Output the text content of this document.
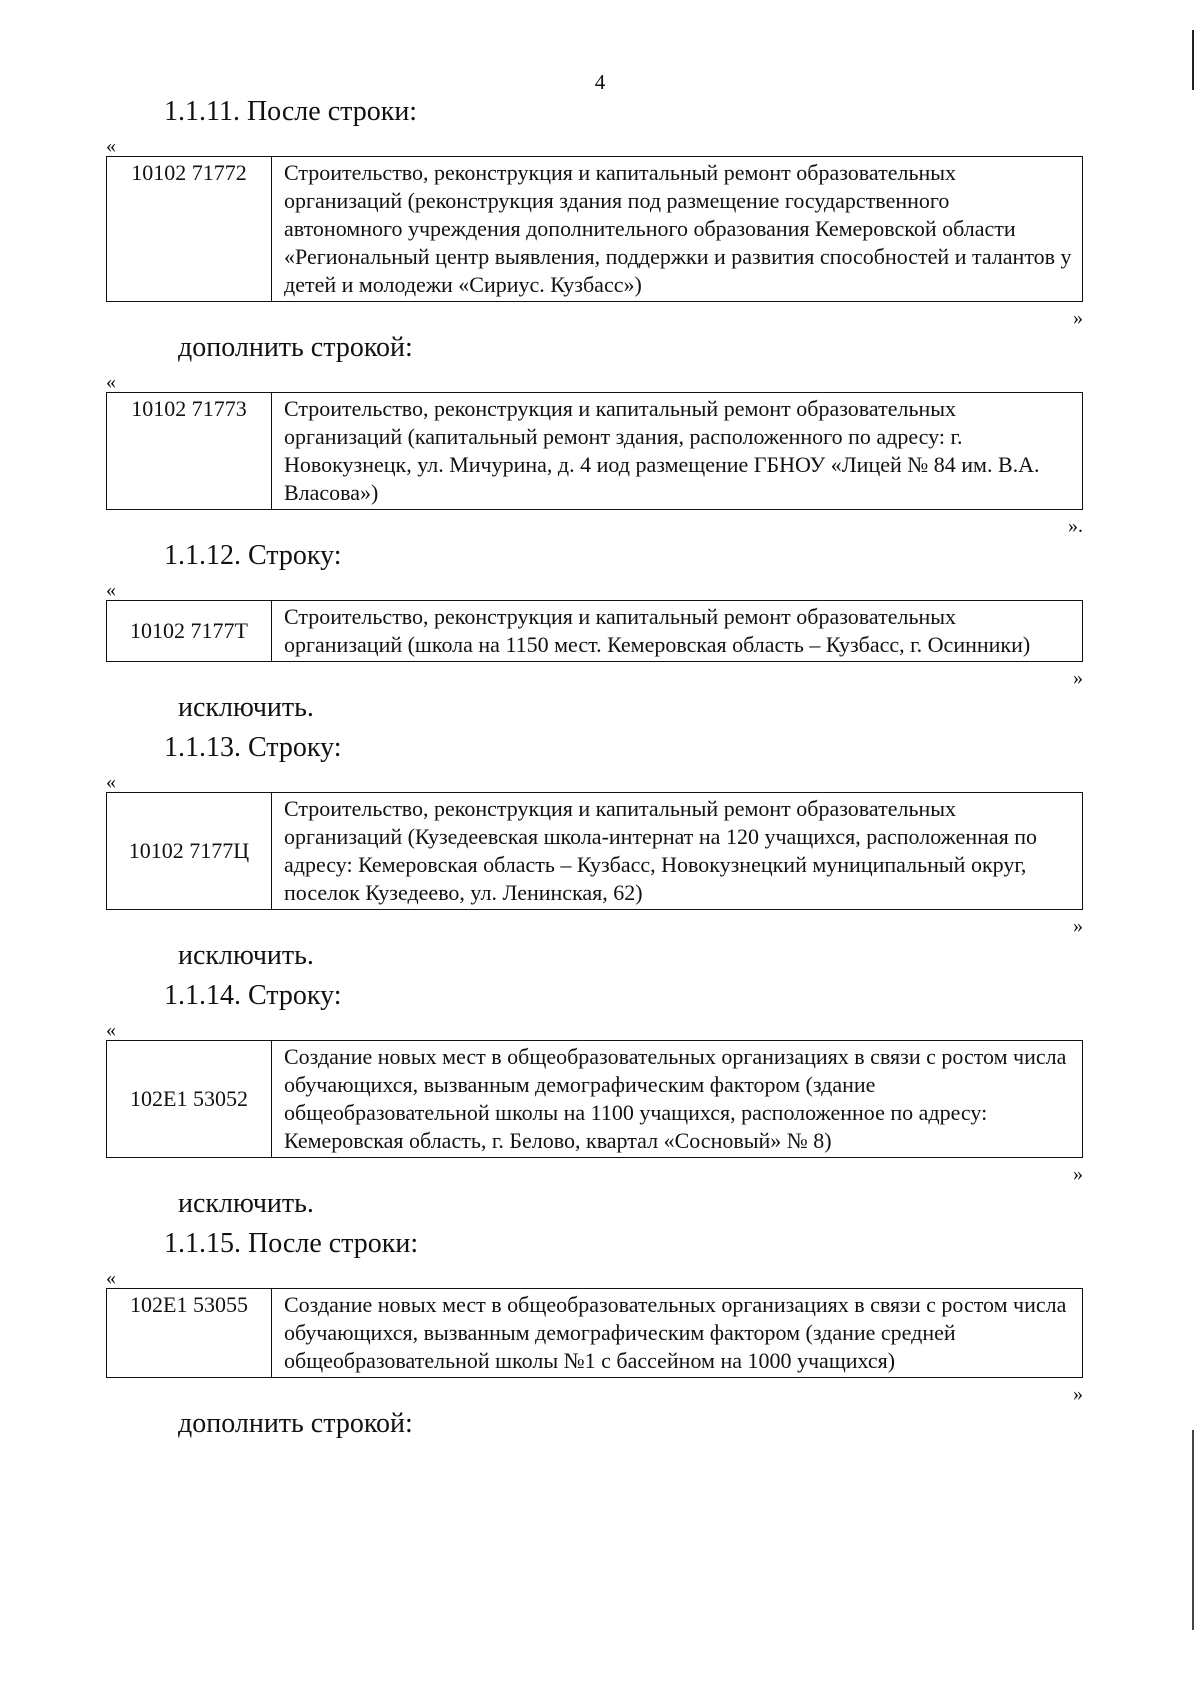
4
1.1.11. После строки:
«
10102 71772	Строительство, реконструкция и капитальный ремонт образовательных организаций (реконструкция здания под размещение государственного автономного учреждения дополнительного образования Кемеровской области «Региональный центр выявления, поддержки и развития способностей и талантов у детей и молодежи «Сириус. Кузбасс»)
»
дополнить строкой:
«
10102 71773	Строительство, реконструкция и капитальный ремонт образовательных организаций (капитальный ремонт здания, расположенного по адресу: г. Новокузнецк, ул. Мичурина, д. 4 иод размещение ГБНОУ «Лицей № 84 им. В.А. Власова»)
».
1.1.12. Строку:
«
10102 7177Т	Строительство, реконструкция и капитальный ремонт образовательных организаций (школа на 1150 мест. Кемеровская область – Кузбасс, г. Осинники)
»
исключить.
1.1.13. Строку:
«
10102 7177Ц	Строительство, реконструкция и капитальный ремонт образовательных организаций (Кузедеевская школа-интернат на 120 учащихся, расположенная по адресу: Кемеровская область – Кузбасс, Новокузнецкий муниципальный округ, поселок Кузедеево, ул. Ленинская, 62)
»
исключить.
1.1.14. Строку:
«
102Е1 53052	Создание новых мест в общеобразовательных организациях в связи с ростом числа обучающихся, вызванным демографическим фактором (здание общеобразовательной школы на 1100 учащихся, расположенное по адресу: Кемеровская область, г. Белово, квартал «Сосновый» № 8)
»
исключить.
1.1.15. После строки:
«
102Е1 53055	Создание новых мест в общеобразовательных организациях в связи с ростом числа обучающихся, вызванным демографическим фактором (здание средней общеобразовательной школы №1 с бассейном на 1000 учащихся)
»
дополнить строкой:
